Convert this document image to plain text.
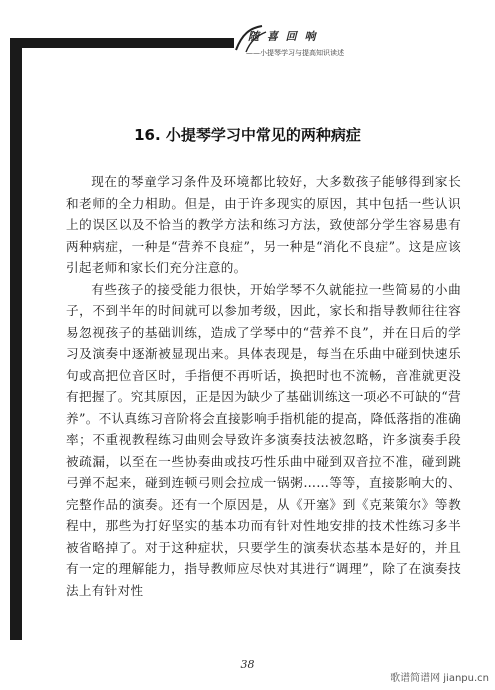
随 喜 回 响
——小提琴学习与提高知识读述
16. 小提琴学习中常见的两种病症

现在的琴童学习条件及环境都比较好，大多数孩子能够得到家长和老师的全力相助。但是，由于许多现实的原因，其中包括一些认识上的误区以及不恰当的教学方法和练习方法，致使部分学生容易患有两种病症，一种是“营养不良症”，另一种是“消化不良症”。这是应该引起老师和家长们充分注意的。

有些孩子的接受能力很快，开始学琴不久就能拉一些简易的小曲子，不到半年的时间就可以参加考级，因此，家长和指导教师往往容易忽视孩子的基础训练，造成了学琴中的“营养不良”，并在日后的学习及演奏中逐渐被显现出来。具体表现是，每当在乐曲中碰到快速乐句或高把位音区时，手指便不再听话，换把时也不流畅，音准就更没有把握了。究其原因，正是因为缺少了基础训练这一项必不可缺的“营养”。不认真练习音阶将会直接影响手指机能的提高，降低落指的准确率；不重视教程练习曲则会导致许多演奏技法被忽略，许多演奏手段被疏漏，以至在一些协奏曲或技巧性乐曲中碰到双音拉不准，碰到跳弓弹不起来，碰到连顿弓则会拉成一锅粥……等等，直接影响大的、完整作品的演奏。还有一个原因是，从《开塞》到《克莱策尔》等教程中，那些为打好坚实的基本功而有针对性地安排的技术性练习多半被省略掉了。对于这种症状，只要学生的演奏状态基本是好的，并且有一定的理解能力，指导教师应尽快对其进行“调理”，除了在演奏技法上有针对性

38
歌谱简谱网 jianpu.cn
